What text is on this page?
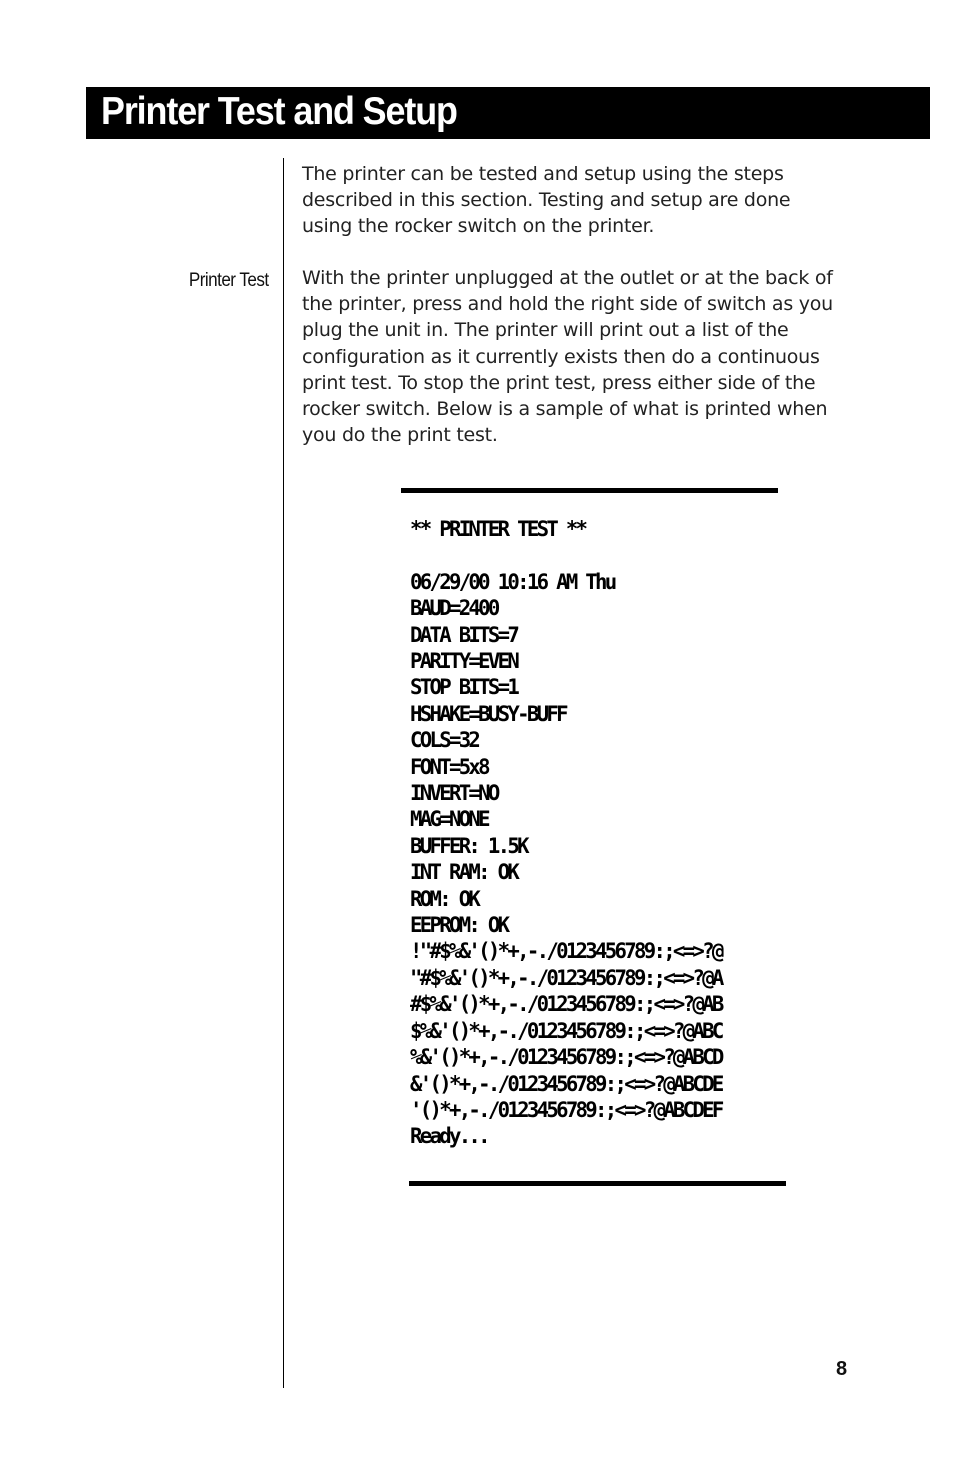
Printer Test and Setup
Printer Test

The printer can be tested and setup using the steps
described in this section. Testing and setup are done
using the rocker switch on the printer.

With the printer unplugged at the outlet or at the back of
the printer, press and hold the right side of switch as you
plug the unit in. The printer will print out a list of the
configuration as it currently exists then do a continuous
print test. To stop the print test, press either side of the
rocker switch. Below is a sample of what is printed when
you do the print test.

** PRINTER TEST **
06/29/00 10:16 AM Thu
BAUD=2400
DATA BITS=7
PARITY=EVEN
STOP BITS=1
HSHAKE=BUSY-BUFF
COLS=32
FONT=5x8
INVERT=NO
MAG=NONE
BUFFER: 1.5K
INT RAM: OK
ROM: OK
EEPROM: OK
!"#$%&'()*+,-./0123456789:;<=>?@
"#$%&'()*+,-./0123456789:;<=>?@A
#$%&'()*+,-./0123456789:;<=>?@AB
$%&'()*+,-./0123456789:;<=>?@ABC
%&'()*+,-./0123456789:;<=>?@ABCD
&'()*+,-./0123456789:;<=>?@ABCDE
'()*+,-./0123456789:;<=>?@ABCDEF
Ready...
8
